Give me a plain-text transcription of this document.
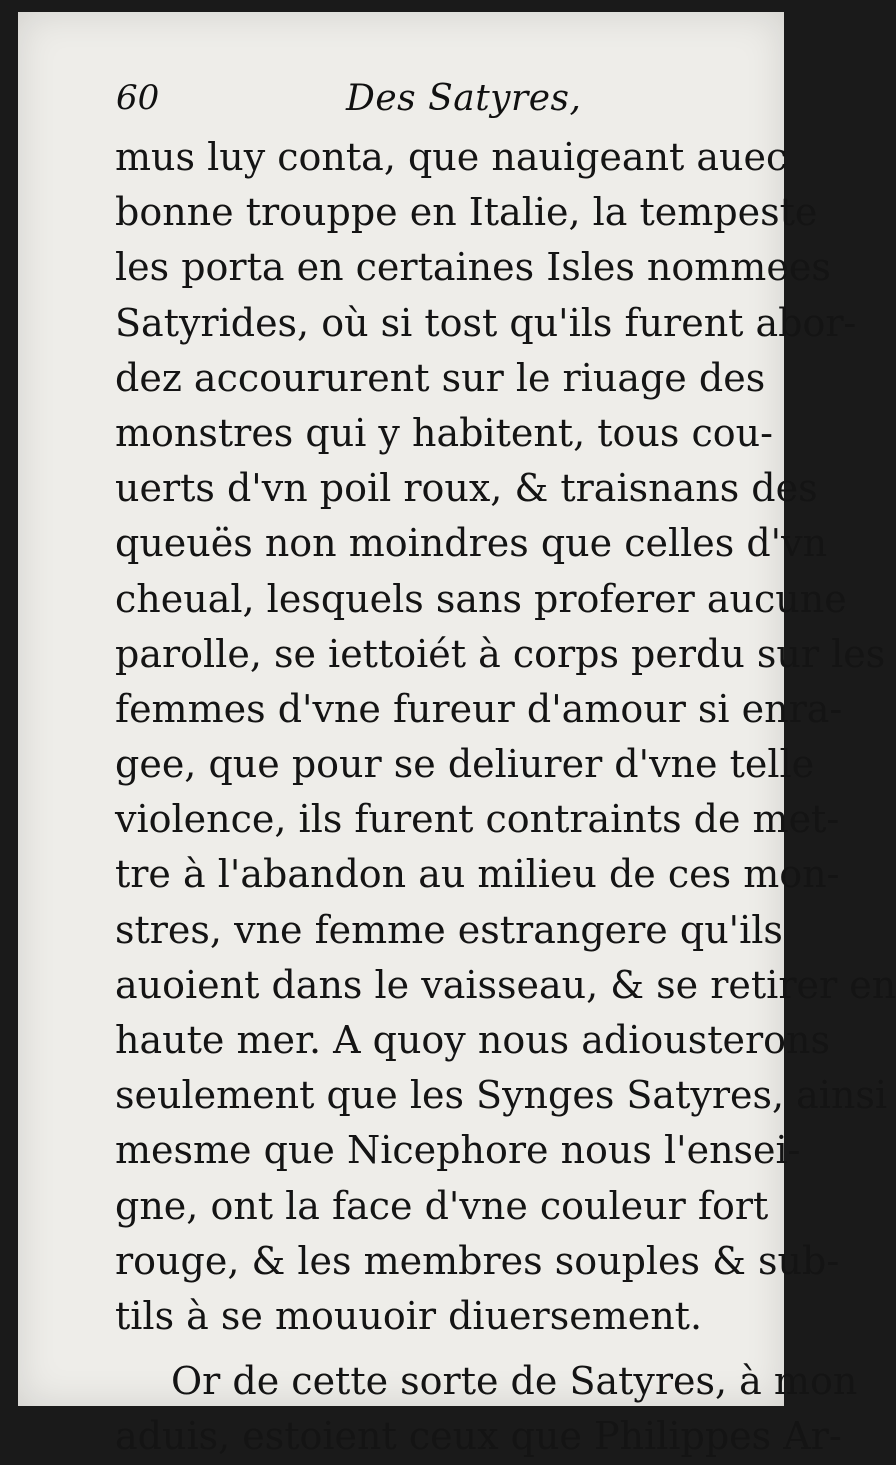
60	Des Satyres,
mus luy conta, que nauigeant auec
bonne trouppe en Italie, la tempeste
les porta en certaines Isles nommees
Satyrides, où si tost qu'ils furent abor-
dez accoururent sur le riuage des
monstres qui y habitent, tous cou-
uerts d'vn poil roux, & traisnans des
queuës non moindres que celles d'vn
cheual, lesquels sans proferer aucune
parolle, se iettoiét à corps perdu sur les
femmes d'vne fureur d'amour si enra-
gee, que pour se deliurer d'vne telle
violence, ils furent contraints de met-
tre à l'abandon au milieu de ces mon-
stres, vne femme estrangere qu'ils
auoient dans le vaisseau, & se retirer en
haute mer. A quoy nous adiousterons
seulement que les Synges Satyres, ainsi
mesme que Nicephore nous l'ensei-
gne, ont la face d'vne couleur fort
rouge, & les membres souples & sub-
tils à se mouuoir diuersement.
Or de cette sorte de Satyres, à mon
aduis, estoient ceux que Philippes Ar-
